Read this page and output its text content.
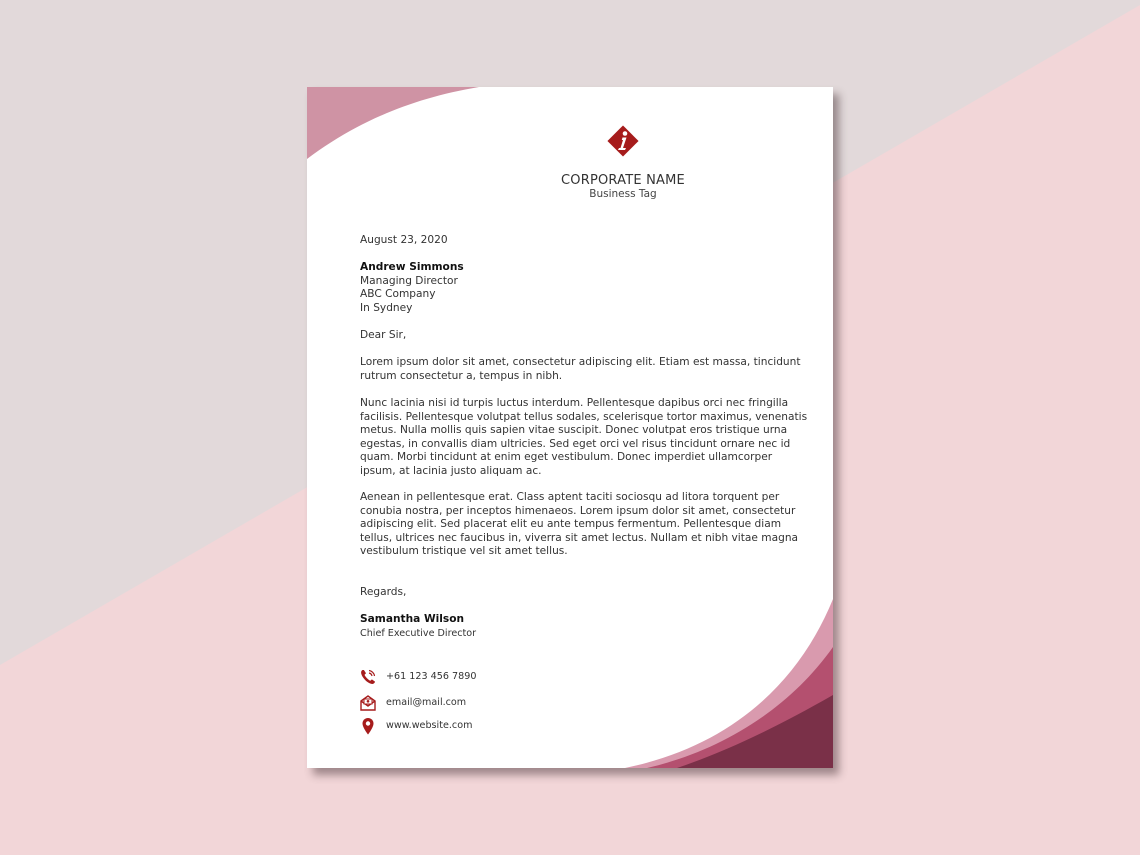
CORPORATE NAME
Business Tag
August 23, 2020
Andrew Simmons
Managing Director
ABC Company
In Sydney
Dear Sir,
Lorem ipsum dolor sit amet, consectetur adipiscing elit. Etiam est massa, tincidunt
rutrum consectetur a, tempus in nibh.
Nunc lacinia nisi id turpis luctus interdum. Pellentesque dapibus orci nec fringilla
facilisis. Pellentesque volutpat tellus sodales, scelerisque tortor maximus, venenatis
metus. Nulla mollis quis sapien vitae suscipit. Donec volutpat eros tristique urna
egestas, in convallis diam ultricies. Sed eget orci vel risus tincidunt ornare nec id
quam. Morbi tincidunt at enim eget vestibulum. Donec imperdiet ullamcorper
ipsum, at lacinia justo aliquam ac.
Aenean in pellentesque erat. Class aptent taciti sociosqu ad litora torquent per
conubia nostra, per inceptos himenaeos. Lorem ipsum dolor sit amet, consectetur
adipiscing elit. Sed placerat elit eu ante tempus fermentum. Pellentesque diam
tellus, ultrices nec faucibus in, viverra sit amet lectus. Nullam et nibh vitae magna
vestibulum tristique vel sit amet tellus.
Regards,
Samantha Wilson
Chief Executive Director
+61 123 456 7890
email@mail.com
www.website.com
